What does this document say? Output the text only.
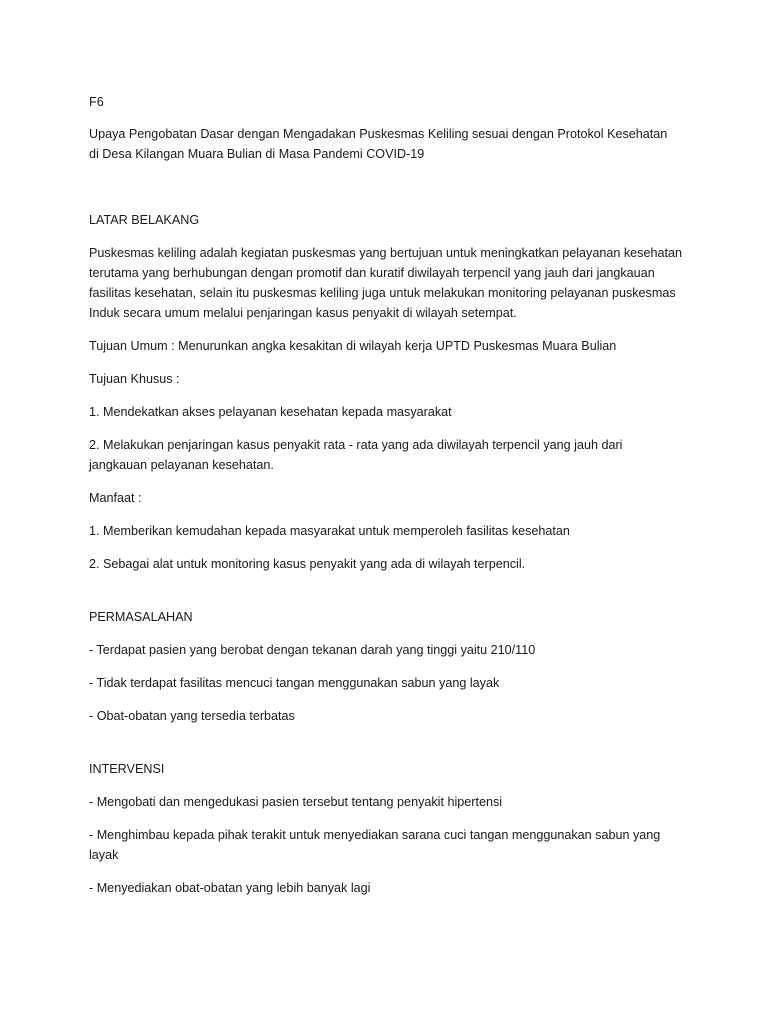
F6

Upaya Pengobatan Dasar dengan Mengadakan Puskesmas Keliling sesuai dengan Protokol Kesehatan di Desa Kilangan Muara Bulian di Masa Pandemi COVID-19

LATAR BELAKANG

Puskesmas keliling adalah kegiatan puskesmas yang bertujuan untuk meningkatkan pelayanan kesehatan terutama yang berhubungan dengan promotif dan kuratif diwilayah terpencil yang jauh dari jangkauan fasilitas kesehatan, selain itu puskesmas keliling juga untuk melakukan monitoring pelayanan puskesmas Induk secara umum melalui penjaringan kasus penyakit di wilayah setempat.

Tujuan Umum : Menurunkan angka kesakitan di wilayah kerja UPTD Puskesmas Muara Bulian

Tujuan Khusus :

1. Mendekatkan akses pelayanan kesehatan kepada masyarakat

2. Melakukan penjaringan kasus penyakit rata - rata yang ada diwilayah terpencil yang jauh dari jangkauan pelayanan kesehatan.

Manfaat :

1. Memberikan kemudahan kepada masyarakat untuk memperoleh fasilitas kesehatan

2. Sebagai alat untuk monitoring kasus penyakit yang ada di wilayah terpencil.

PERMASALAHAN

- Terdapat pasien yang berobat dengan tekanan darah yang tinggi yaitu 210/110

- Tidak terdapat fasilitas mencuci tangan menggunakan sabun yang layak

- Obat-obatan yang tersedia terbatas

INTERVENSI

- Mengobati dan mengedukasi pasien tersebut tentang penyakit hipertensi

- Menghimbau kepada pihak terakit untuk menyediakan sarana cuci tangan menggunakan sabun yang layak

- Menyediakan obat-obatan yang lebih banyak lagi
